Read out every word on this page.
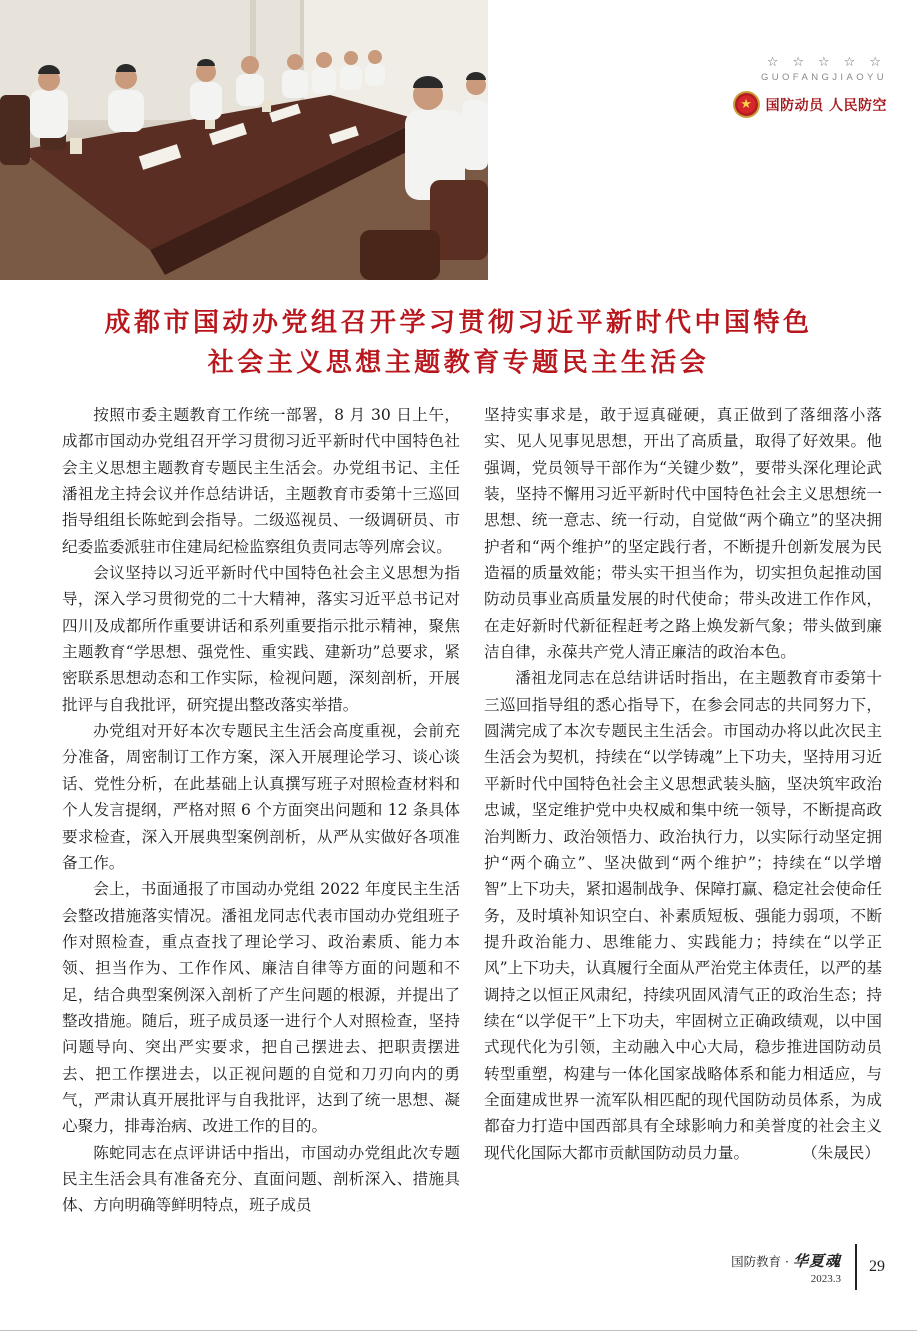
☆☆☆☆☆
GUOFANGJIAOYU
★ 国防动员 人民防空
成都市国动办党组召开学习贯彻习近平新时代中国特色
社会主义思想主题教育专题民主生活会

按照市委主题教育工作统一部署，8 月 30 日上午，成都市国动办党组召开学习贯彻习近平新时代中国特色社会主义思想主题教育专题民主生活会。办党组书记、主任潘祖龙主持会议并作总结讲话，主题教育市委第十三巡回指导组组长陈蛇到会指导。二级巡视员、一级调研员、市纪委监委派驻市住建局纪检监察组负责同志等列席会议。

会议坚持以习近平新时代中国特色社会主义思想为指导，深入学习贯彻党的二十大精神，落实习近平总书记对四川及成都所作重要讲话和系列重要指示批示精神，聚焦主题教育“学思想、强党性、重实践、建新功”总要求，紧密联系思想动态和工作实际，检视问题，深刻剖析，开展批评与自我批评，研究提出整改落实举措。

办党组对开好本次专题民主生活会高度重视，会前充分准备，周密制订工作方案，深入开展理论学习、谈心谈话、党性分析，在此基础上认真撰写班子对照检查材料和个人发言提纲，严格对照 6 个方面突出问题和 12 条具体要求检查，深入开展典型案例剖析，从严从实做好各项准备工作。

会上，书面通报了市国动办党组 2022 年度民主生活会整改措施落实情况。潘祖龙同志代表市国动办党组班子作对照检查，重点查找了理论学习、政治素质、能力本领、担当作为、工作作风、廉洁自律等方面的问题和不足，结合典型案例深入剖析了产生问题的根源，并提出了整改措施。随后，班子成员逐一进行个人对照检查，坚持问题导向、突出严实要求，把自己摆进去、把职责摆进去、把工作摆进去，以正视问题的自觉和刀刃向内的勇气，严肃认真开展批评与自我批评，达到了统一思想、凝心聚力，排毒治病、改进工作的目的。

陈蛇同志在点评讲话中指出，市国动办党组此次专题民主生活会具有准备充分、直面问题、剖析深入、措施具体、方向明确等鲜明特点，班子成员

坚持实事求是，敢于逗真碰硬，真正做到了落细落小落实、见人见事见思想，开出了高质量，取得了好效果。他强调，党员领导干部作为“关键少数”，要带头深化理论武装，坚持不懈用习近平新时代中国特色社会主义思想统一思想、统一意志、统一行动，自觉做“两个确立”的坚决拥护者和“两个维护”的坚定践行者，不断提升创新发展为民造福的质量效能；带头实干担当作为，切实担负起推动国防动员事业高质量发展的时代使命；带头改进工作作风，在走好新时代新征程赶考之路上焕发新气象；带头做到廉洁自律，永葆共产党人清正廉洁的政治本色。

潘祖龙同志在总结讲话时指出，在主题教育市委第十三巡回指导组的悉心指导下，在参会同志的共同努力下，圆满完成了本次专题民主生活会。市国动办将以此次民主生活会为契机，持续在“以学铸魂”上下功夫，坚持用习近平新时代中国特色社会主义思想武装头脑，坚决筑牢政治忠诚，坚定维护党中央权威和集中统一领导，不断提高政治判断力、政治领悟力、政治执行力，以实际行动坚定拥护“两个确立”、坚决做到“两个维护”；持续在“以学增智”上下功夫，紧扣遏制战争、保障打赢、稳定社会使命任务，及时填补知识空白、补素质短板、强能力弱项，不断提升政治能力、思维能力、实践能力；持续在“以学正风”上下功夫，认真履行全面从严治党主体责任，以严的基调持之以恒正风肃纪，持续巩固风清气正的政治生态；持续在“以学促干”上下功夫，牢固树立正确政绩观，以中国式现代化为引领，主动融入中心大局，稳步推进国防动员转型重塑，构建与一体化国家战略体系和能力相适应，与全面建成世界一流军队相匹配的现代国防动员体系，为成都奋力打造中国西部具有全球影响力和美誉度的社会主义现代化国际大都市贡献国防动员力量。	（朱晟民）

国防教育 · 华夏魂
2023.3
29
